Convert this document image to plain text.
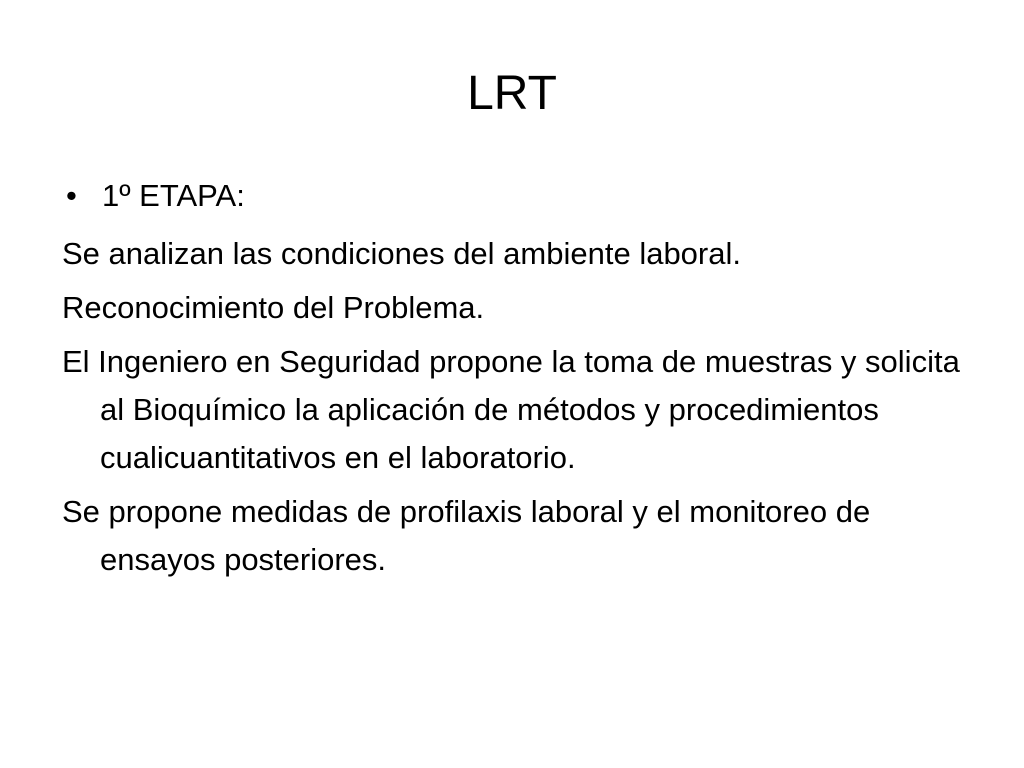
LRT
• 1º ETAPA:

Se analizan las condiciones del ambiente laboral.

Reconocimiento del Problema.

El Ingeniero en Seguridad propone la toma de muestras y solicita al Bioquímico la aplicación de métodos y procedimientos cualicuantitativos en el laboratorio.

Se propone medidas de profilaxis laboral y el monitoreo de ensayos posteriores.
